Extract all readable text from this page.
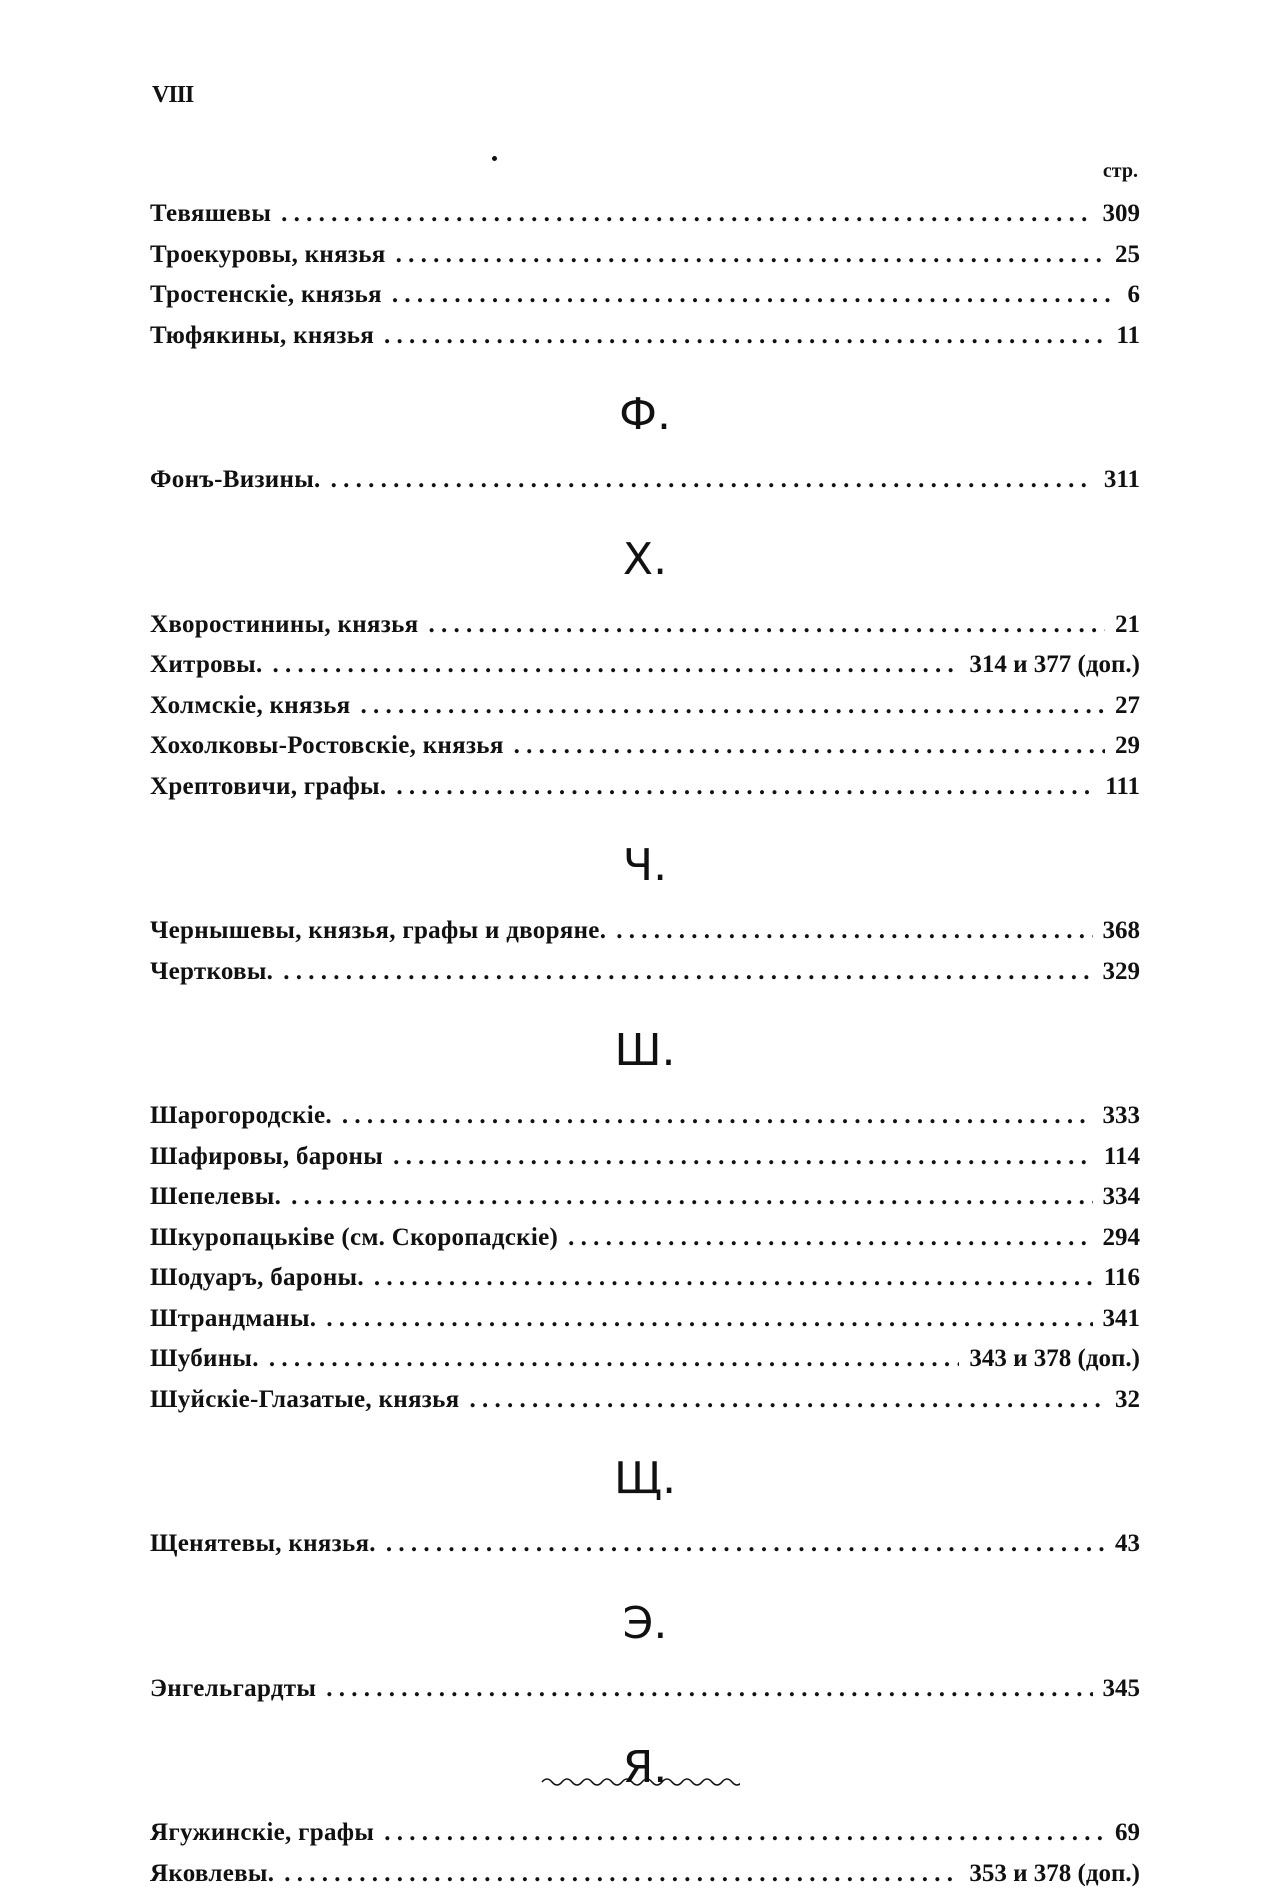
VIII
стр.
Тевяшевы . . .	309
Троекуровы, князья . . .	25
Тростенскіе, князья . . .	6
Тюфякины, князья . . .	11
Ф.
Фонъ-Визины. . . .	311
Х.
Хворостинины, князья . . .	21
Хитровы. . . .	314 и 377 (доп.)
Холмскіе, князья . . .	27
Хохолковы-Ростовскіе, князья . . .	29
Хрептовичи, графы. . . .	111
Ч.
Чернышевы, князья, графы и дворяне. . . .	368
Чертковы. . . .	329
Ш.
Шарогородскіе. . . .	333
Шафировы, бароны . . .	114
Шепелевы. . . .	334
Шкуропацьківе (см. Скоропадскіе) . . .	294
Шодуаръ, бароны. . . .	116
Штрандманы. . . .	341
Шубины. . . .	343 и 378 (доп.)
Шуйскіе-Глазатые, князья . . .	32
Щ.
Щенятевы, князья. . . .	43
Э.
Энгельгардты . . .	345
Я.
Ягужинскіе, графы . . .	69
Яковлевы. . . .	353 и 378 (доп.)
